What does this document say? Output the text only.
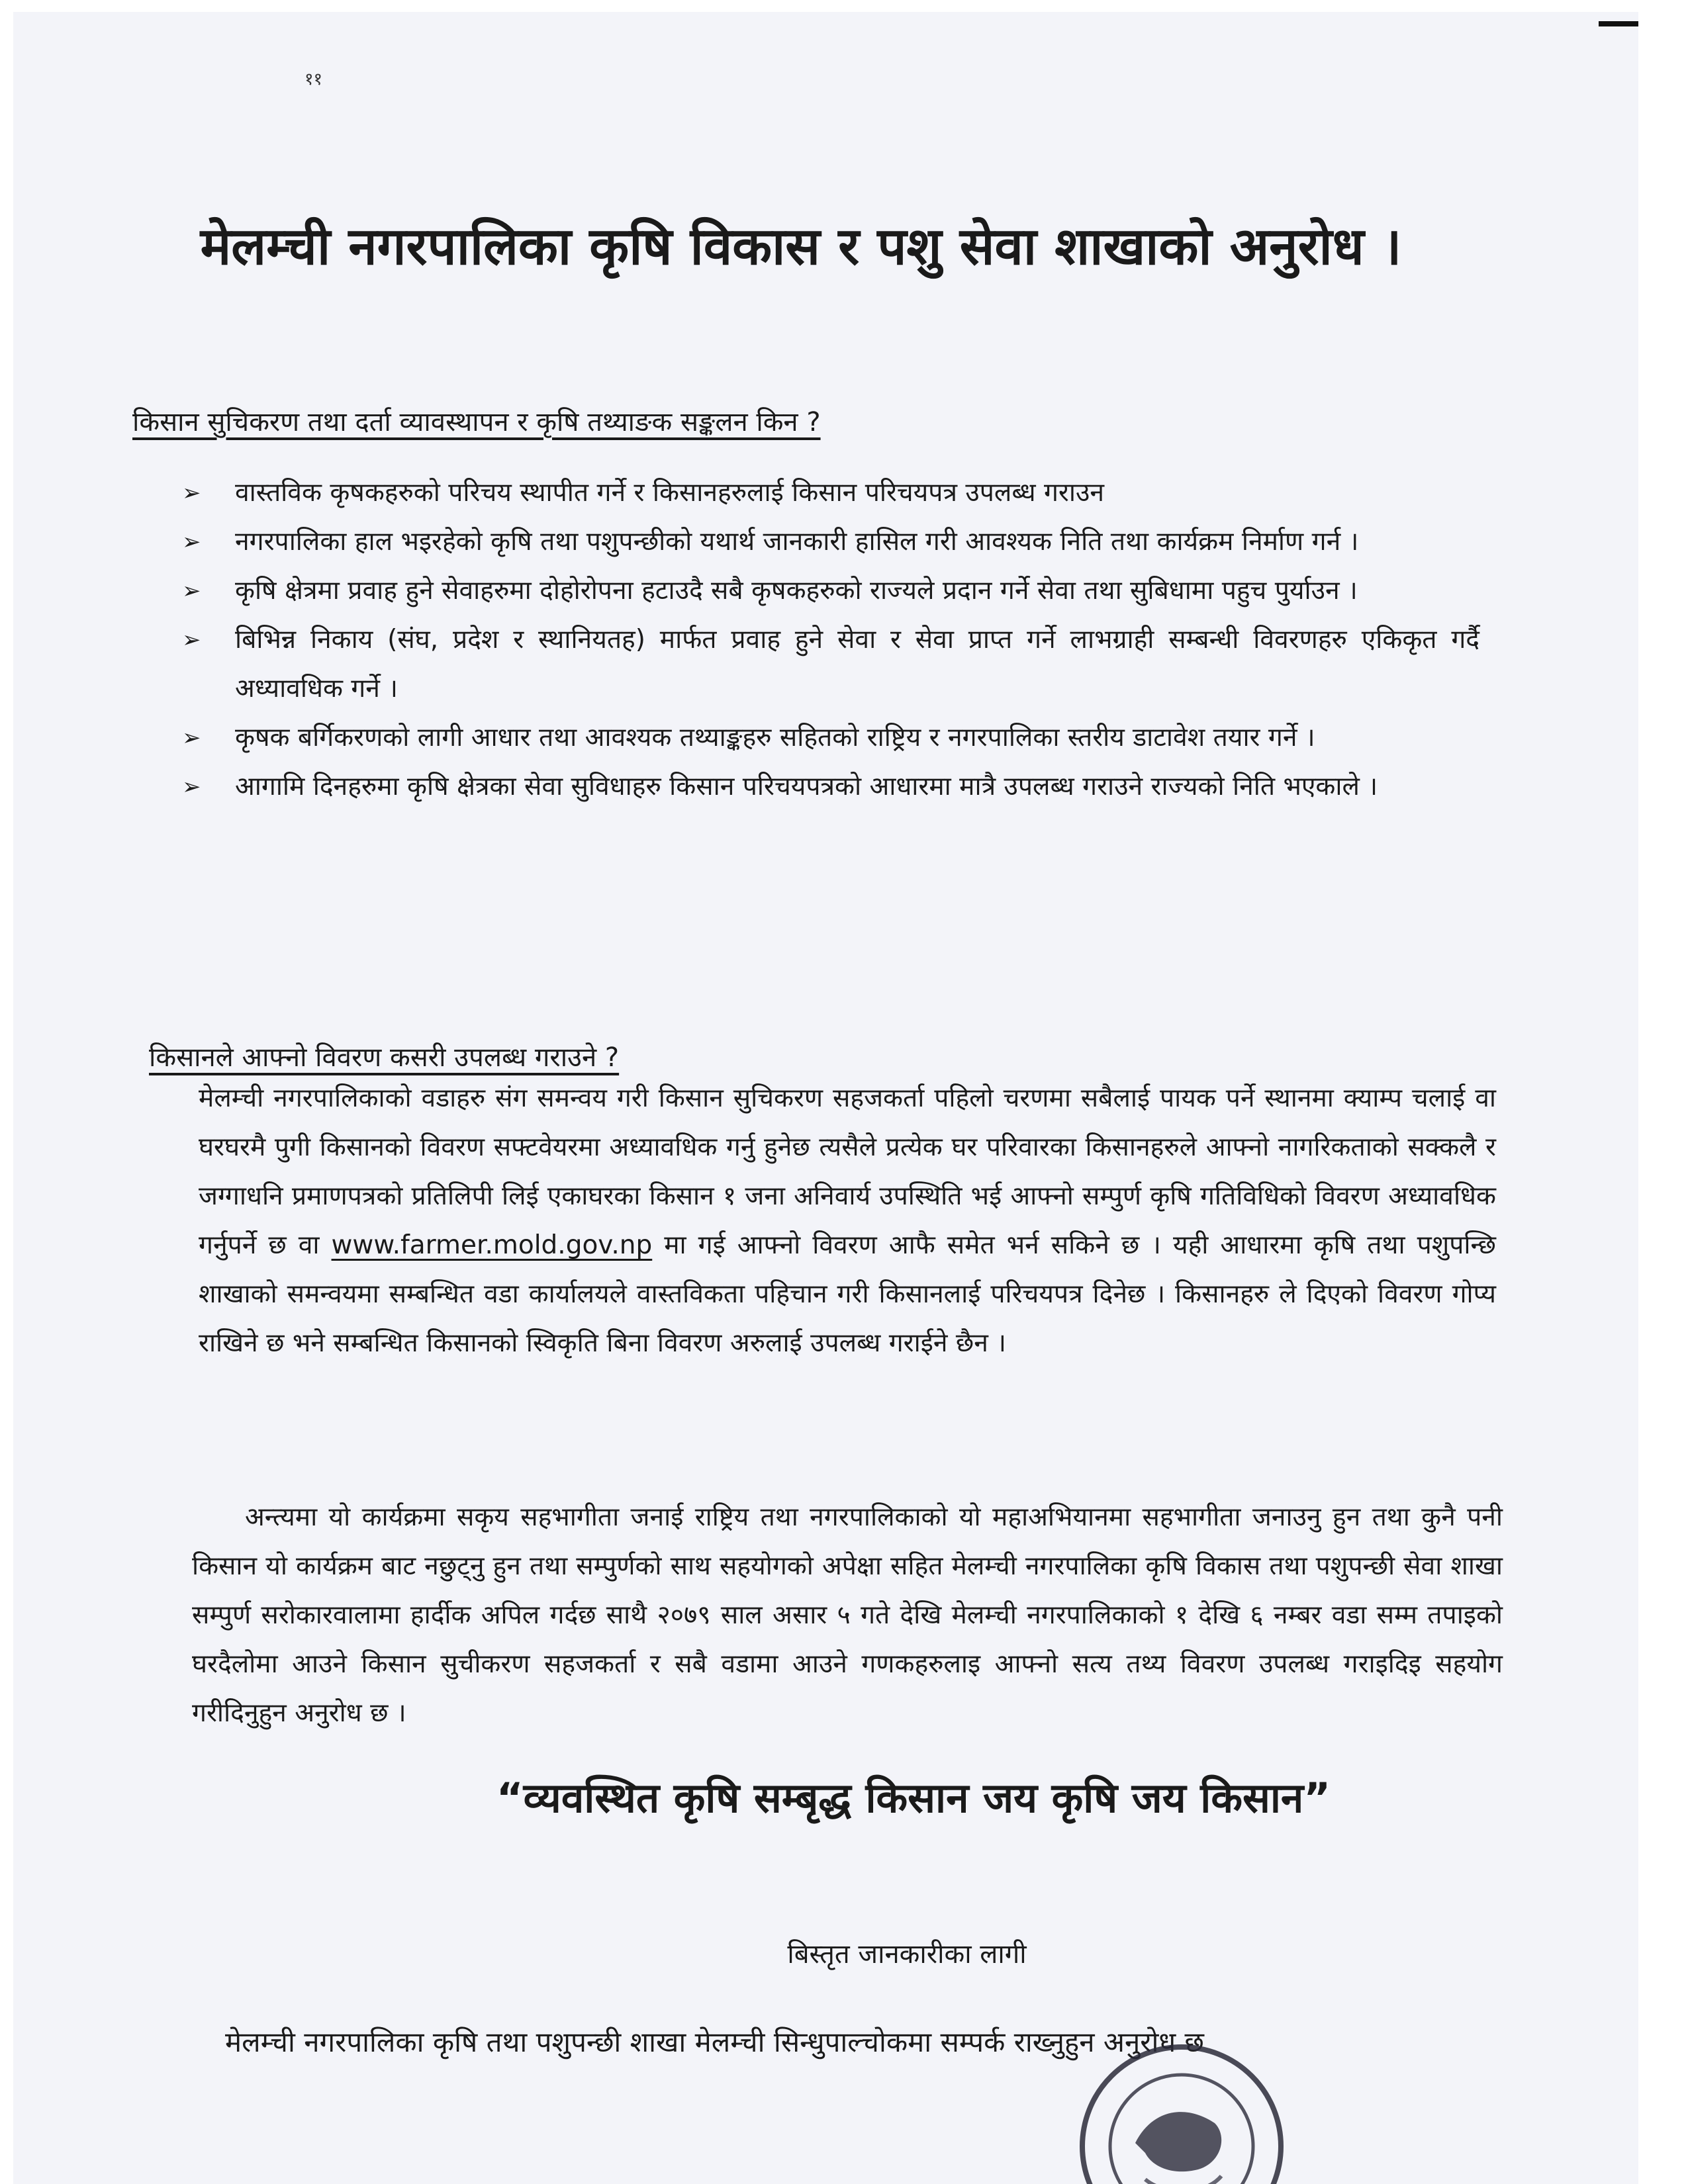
११
मेलम्ची नगरपालिका कृषि विकास र पशु सेवा शाखाको अनुरोध ।
किसान सुचिकरण तथा दर्ता व्यावस्थापन र कृषि तथ्याङक सङ्कलन किन ?
➢ वास्तविक कृषकहरुको परिचय स्थापीत गर्ने र किसानहरुलाई किसान परिचयपत्र उपलब्ध गराउन
➢ नगरपालिका हाल भइरहेको कृषि तथा पशुपन्छीको यथार्थ जानकारी हासिल गरी आवश्यक निति तथा कार्यक्रम निर्माण गर्न ।
➢ कृषि क्षेत्रमा प्रवाह हुने सेवाहरुमा दोहोरोपना हटाउदै सबै कृषकहरुको राज्यले प्रदान गर्ने सेवा तथा सुबिधामा पहुच पुर्याउन ।
➢ बिभिन्न निकाय (संघ, प्रदेश र स्थानियतह) मार्फत प्रवाह हुने सेवा र सेवा प्राप्त गर्ने लाभग्राही सम्बन्धी विवरणहरु एकिकृत गर्दै अध्यावधिक गर्ने ।
➢ कृषक बर्गिकरणको लागी आधार तथा आवश्यक तथ्याङ्कहरु सहितको राष्ट्रिय र नगरपालिका स्तरीय डाटावेश तयार गर्ने ।
➢ आगामि दिनहरुमा कृषि क्षेत्रका सेवा सुविधाहरु किसान परिचयपत्रको आधारमा मात्रै उपलब्ध गराउने राज्यको निति भएकाले ।
किसानले आफ्नो विवरण कसरी उपलब्ध गराउने ?

मेलम्ची नगरपालिकाको वडाहरु संग समन्वय गरी किसान सुचिकरण सहजकर्ता पहिलो चरणमा सबैलाई पायक पर्ने स्थानमा क्याम्प चलाई वा घरघरमै पुगी किसानको विवरण सफ्टवेयरमा अध्यावधिक गर्नु हुनेछ त्यसैले प्रत्येक घर परिवारका किसानहरुले आफ्नो नागरिकताको सक्कलै र जग्गाधनि प्रमाणपत्रको प्रतिलिपी लिई एकाघरका किसान १ जना अनिवार्य उपस्थिति भई आफ्नो सम्पुर्ण कृषि गतिविधिको विवरण अध्यावधिक गर्नुपर्ने छ वा www.farmer.mold.gov.np मा गई आफ्नो विवरण आफै समेत भर्न सकिने छ । यही आधारमा कृषि तथा पशुपन्छि शाखाको समन्वयमा सम्बन्धित वडा कार्यालयले वास्तविकता पहिचान गरी किसानलाई परिचयपत्र दिनेछ । किसानहरु ले दिएको विवरण गोप्य राखिने छ भने सम्बन्धित किसानको स्विकृति बिना विवरण अरुलाई उपलब्ध गराईने छैन ।

अन्त्यमा यो कार्यक्रमा सकृय सहभागीता जनाई राष्ट्रिय तथा नगरपालिकाको यो महाअभियानमा सहभागीता जनाउनु हुन तथा कुनै पनी किसान यो कार्यक्रम बाट नछुट्नु हुन तथा सम्पुर्णको साथ सहयोगको अपेक्षा सहित मेलम्ची नगरपालिका कृषि विकास तथा पशुपन्छी सेवा शाखा सम्पुर्ण सरोकारवालामा हार्दीक अपिल गर्दछ साथै २०७९ साल असार ५ गते देखि मेलम्ची नगरपालिकाको १ देखि ६ नम्बर वडा सम्म तपाइको घरदैलोमा आउने किसान सुचीकरण सहजकर्ता र सबै वडामा आउने गणकहरुलाइ आफ्नो सत्य तथ्य विवरण उपलब्ध गराइदिइ सहयोग गरीदिनुहुन अनुरोध छ ।

“व्यवस्थित कृषि सम्बृद्ध किसान जय कृषि जय किसान”
बिस्तृत जानकारीका लागी
मेलम्ची नगरपालिका कृषि तथा पशुपन्छी शाखा मेलम्ची सिन्धुपाल्चोकमा सम्पर्क राख्नुहुन अनुरोध छ
